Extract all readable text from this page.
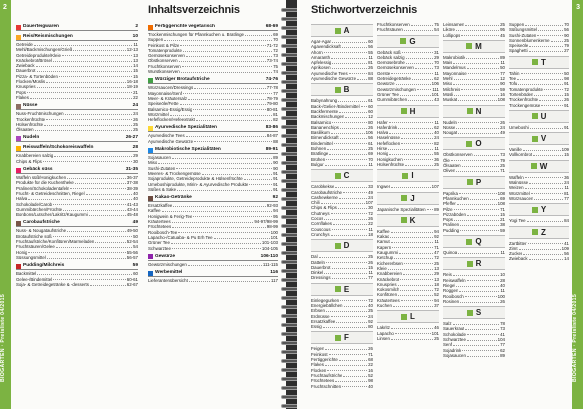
2
BIOGARTEN · Preisliste 04/2015
Inhaltsverzeichnis
Dauerteigwaren	2
Reis/Reismischungen	10
Getreide	11
Mehl/Backmischungen/Grieß	12-13
Getreideprodukte/Kleie	13
Knäckebrot/Brösel	13
Zwieback	14
Dauerbrot	15
Pizza- & Tortenböden	15
Flocken/Müslis	16-18
Knuspries	18-19
Pops	21
Flakes	22
Nüsse	24
Nuss-Fruchtmischungen	24
Trockenfrüchte	26
Hülsenfrüchte	25
Ölsaaten	25
Nudeln	26-27
Reiswaffeln/Schokoreiswaffeln	28
Knabbereien salzig	29
Chips & Flips	30
Gebäck süss	31-35
Waffeln süß/Honigkuchen	36-37
Produkte für die Kuchentheke	37-38
Pralinen/Schokoladentafeln	38-39
Frucht- & Getreideschnitten, Riegel	40
Halva	40
Schokolade/Carob	41-43
Gummibärchen/Früchte	43-44
Bonbons/Lutscher/Lakritz/Kaugummi	45-48
Carobaufstriche	49
Nuss- & Nougataufstriche	49-50
Brotaufstriche süß	50
Fruchtaufstriche/Konfitüren/Marmeladen	52-54
Fruchtsäuren/Gelee	54
Honig	55-56
Süssungsmittel	56-57
Pudding/Milchreis	59
Backmittel	60
Gelee-/Bindemittel	60-61
Soja- & Getreidegetränke & -desserts	62-67
Fertiggerichte vegetarisch	68-69
Trockenmischungen für Pfannkuchen u. Bratlinge	69
Suppen	70
Feinkost & Pilze	71-72
Tomatenprodukte	72
Gemüsekonserven	73
Obstkonserven	73-74
Fruchtkonserven	75
Wurstkonserven	74
Würziger Brotaufstriche	74-76
Würzsaucen/Dressings	77-78
Mayonnaise/Senf	77
Meer- & Kräutersalz	78-79
Speiseöle/Fette	79-80
Balsamico-Essig/Essig	80-81
Würzmittel	81
Hefeflocken/Hefeextrakt	82
Ayurvedische Spezialitäten	83-86
Ayurvedische Tees	84-87
Ayurvedische Gewürze	88
Makrobiotische Spezialitäten	89-91
Sojasaucen	89
Miso	90
Sushi-Zutaten	90
Meeres- & Trockengemüse	91
Sojaprodukte, Getreideprodukte & Hülsenfrüchte	91
Umeboshiprodukte, Mirin- & Ayurvedische Produkte	91
Süßes & Sake	91
Kakao-Getränke	92
Ersatzkaffee	92-93
Kaffee	94
Honigwein & Ferig-Tee	95
Kräutertees	94-97/98-99
Früchtetees	98-99
Rooibosch-Tee	100
Lapacho-/Catuaba- & Pu Erh Tee	101
Grüner Tee	101-103
Schwarztee	104-105
Gewürze	106-110
Gewürzmischungen	111-115
Werbemittel	116
Lieferantenübersicht	117
3
BIOGARTEN · Preisliste 04/2015
Stichwortverzeichnis
A
Agar-Agar	60
Agavendicksaft	56
Ahorn	55
Amaranth	11
Apfelessig	81
Aprikosen	26
Ayurvedische Tees	84
Ayurvedische Gewürze	88
B
Babynahrung	61
Back-/Gelier-/Bindemittel 60
Backfermente	60
Backmischungen	12
Balsamico	80
Bananenchips	26
Basilikum	106
Birnendicksaft	56
Bindemittel	61
Bohnen	25
Bratlinge	69
Brühen	70
Bulgur	11
C
Carobkekse	33
Carobaufstriche	49
Cashewkerne	24
Chili	107
Chips & Flips	30
Chutneys	72
Cocos	26
Cornflakes	22
Couscous	11
Crunchys	18
D
Dal	25
Datteln	26
Dauerbrot	15
Dinkel	11
Dressings	77
E
Einlegegurken	72
Energiebällchen	40
Erbsen	25
Erdnüsse	24
Ersatzkaffee	92
Essig	80
F
Feigen	26
Feinkost	71
Fertiggerichte	68
Flakes	22
Flocken	16
Fruchtaufstriche	52
Früchtetees	98
Fruchtschnitten	40
Fruchtkonserven	75
Fruchtsäuren	54
G
Gebäck süß	31
Gebäck salzig	29
Gemüsebrühe	70
Gemüsekonserven	73
Gerste	11
Getreidegetränke	62
Gewürze	106
Gewürzmischungen	111
Grüner Tee	101
Gummibärchen	43
H
Hafer	11
Haferdrink	62
Halva	40
Haselnüsse	24
Hefeflocken	82
Hirse	11
Honig	55
Honigkuchen	36
Hülsenfrüchte	25
I
Ingwer	107
J
Japanische Spezialitäten 89
K
Kaffee	94
Kakao	92
Kamut	11
Kapern	71
Kaugummi	47
Ketchup	72
Kichererbsen	25
Kleie	13
Knabbereien	29
Knäckebrot	13
Knuspries	18
Kokosmilch	72
Konfitüren	52
Kräutertees	94
Kuchen	37
L
Lakritz	46
Lapacho	101
Linsen	25
Leinsamen	25
Liköre	95
Lollipops	45
M
Makrobiotik	89
Mais	11
Mandelmus	50
Mayonnaise	77
Mehl	12
Miso	90
Milchreis	59
Müsli	16
Muskat	108
N
Nudeln	26
Nüsse	24
Nougat	49
O
Obstkonserven	73
Öle	79
Ölsaaten	25
Oliven	71
P
Paprika	108
Pfannkuchen	69
Pfeffer	108
Pilze	71
Pizzaböden	15
Pops	21
Pralinen	38
Pudding	59
Q
Quinoa	11
R
Reis	10
Reiswaffeln	28
Riegel	40
Roggen	11
Rooibosch	100
Rosinen	26
S
Salz	78
Sauerkraut	73
Schokolade	41
Schwarztee	104
Senf	77
Sojadrink	62
Sojasaucen	89
Suppen	70
Süßungsmittel	56
Sushi-Zutaten	90
Sonnenblumenkerne	25
Speiseöle	79
Spaghetti	27
T
Tahin	50
Tee	98
Tofu	91
Tomatenprodukte	72
Tortenböden	15
Trockenfrüchte	26
Trockengemüse	91
U
Umeboshi	91
V
Vanille	109
Vollkornbrot	15
W
Waffeln	36
Walnüsse	24
Weizen	11
Würzmittel	81
Würzsaucen	77
Y
Yogi Tee	84
Z
Zartbitter	41
Zimt	109
Zucker	56
Zwieback	14
